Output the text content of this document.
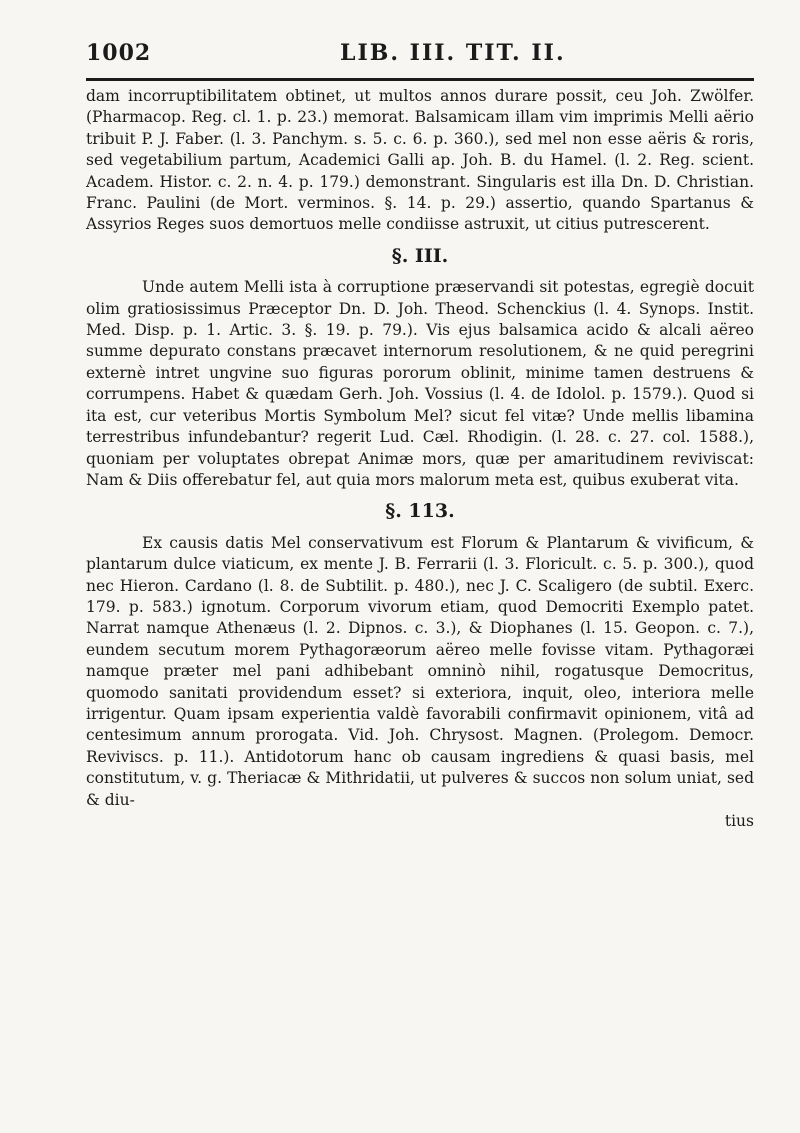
1002	LIB. III. TIT. II.

dam incorruptibilitatem obtinet, ut multos annos durare possit, ceu Joh. Zwölfer. (Pharmacop. Reg. cl. 1. p. 23.) memorat. Balsamicam illam vim imprimis Melli aërio tribuit P. J. Faber. (l. 3. Panchym. s. 5. c. 6. p. 360.), sed mel non esse aëris & roris, sed vegetabilium partum, Academici Galli ap. Joh. B. du Hamel. (l. 2. Reg. scient. Academ. Histor. c. 2. n. 4. p. 179.) demonstrant. Singularis est illa Dn. D. Christian. Franc. Paulini (de Mort. verminos. §. 14. p. 29.) assertio, quando Spartanus & Assyrios Reges suos demortuos melle condiisse astruxit, ut citius putrescerent.

§. III.

Unde autem Melli ista à corruptione præservandi sit potestas, egregiè docuit olim gratiosissimus Præceptor Dn. D. Joh. Theod. Schenckius (l. 4. Synops. Instit. Med. Disp. p. 1. Artic. 3. §. 19. p. 79.). Vis ejus balsamica acido & alcali aëreo summe depurato constans præcavet internorum resolutionem, & ne quid peregrini externè intret ungvine suo figuras pororum oblinit, minime tamen destruens & corrumpens. Habet & quædam Gerh. Joh. Vossius (l. 4. de Idolol. p. 1579.). Quod si ita est, cur veteribus Mortis Symbolum Mel? sicut fel vitæ? Unde mellis libamina terrestribus infundebantur? regerit Lud. Cæl. Rhodigin. (l. 28. c. 27. col. 1588.), quoniam per voluptates obrepat Animæ mors, quæ per amaritudinem reviviscat: Nam & Diis offerebatur fel, aut quia mors malorum meta est, quibus exuberat vita.

§. 113.

Ex causis datis Mel conservativum est Florum & Plantarum & vivificum, & plantarum dulce viaticum, ex mente J. B. Ferrarii (l. 3. Floricult. c. 5. p. 300.), quod nec Hieron. Cardano (l. 8. de Subtilit. p. 480.), nec J. C. Scaligero (de subtil. Exerc. 179. p. 583.) ignotum. Corporum vivorum etiam, quod Democriti Exemplo patet. Narrat namque Athenæus (l. 2. Dipnos. c. 3.), & Diophanes (l. 15. Geopon. c. 7.), eundem secutum morem Pythagoræorum aëreo melle fovisse vitam. Pythagoræi namque præter mel pani adhibebant omninò nihil, rogatusque Democritus, quomodo sanitati providendum esset? si exteriora, inquit, oleo, interiora melle irrigentur. Quam ipsam experientia valdè favorabili confirmavit opinionem, vitâ ad centesimum annum prorogata. Vid. Joh. Chrysost. Magnen. (Prolegom. Democr. Reviviscs. p. 11.). Antidotorum hanc ob causam ingrediens & quasi basis, mel constitutum, v. g. Theriacæ & Mithridatii, ut pulveres & succos non solum uniat, sed & diu-

tius
